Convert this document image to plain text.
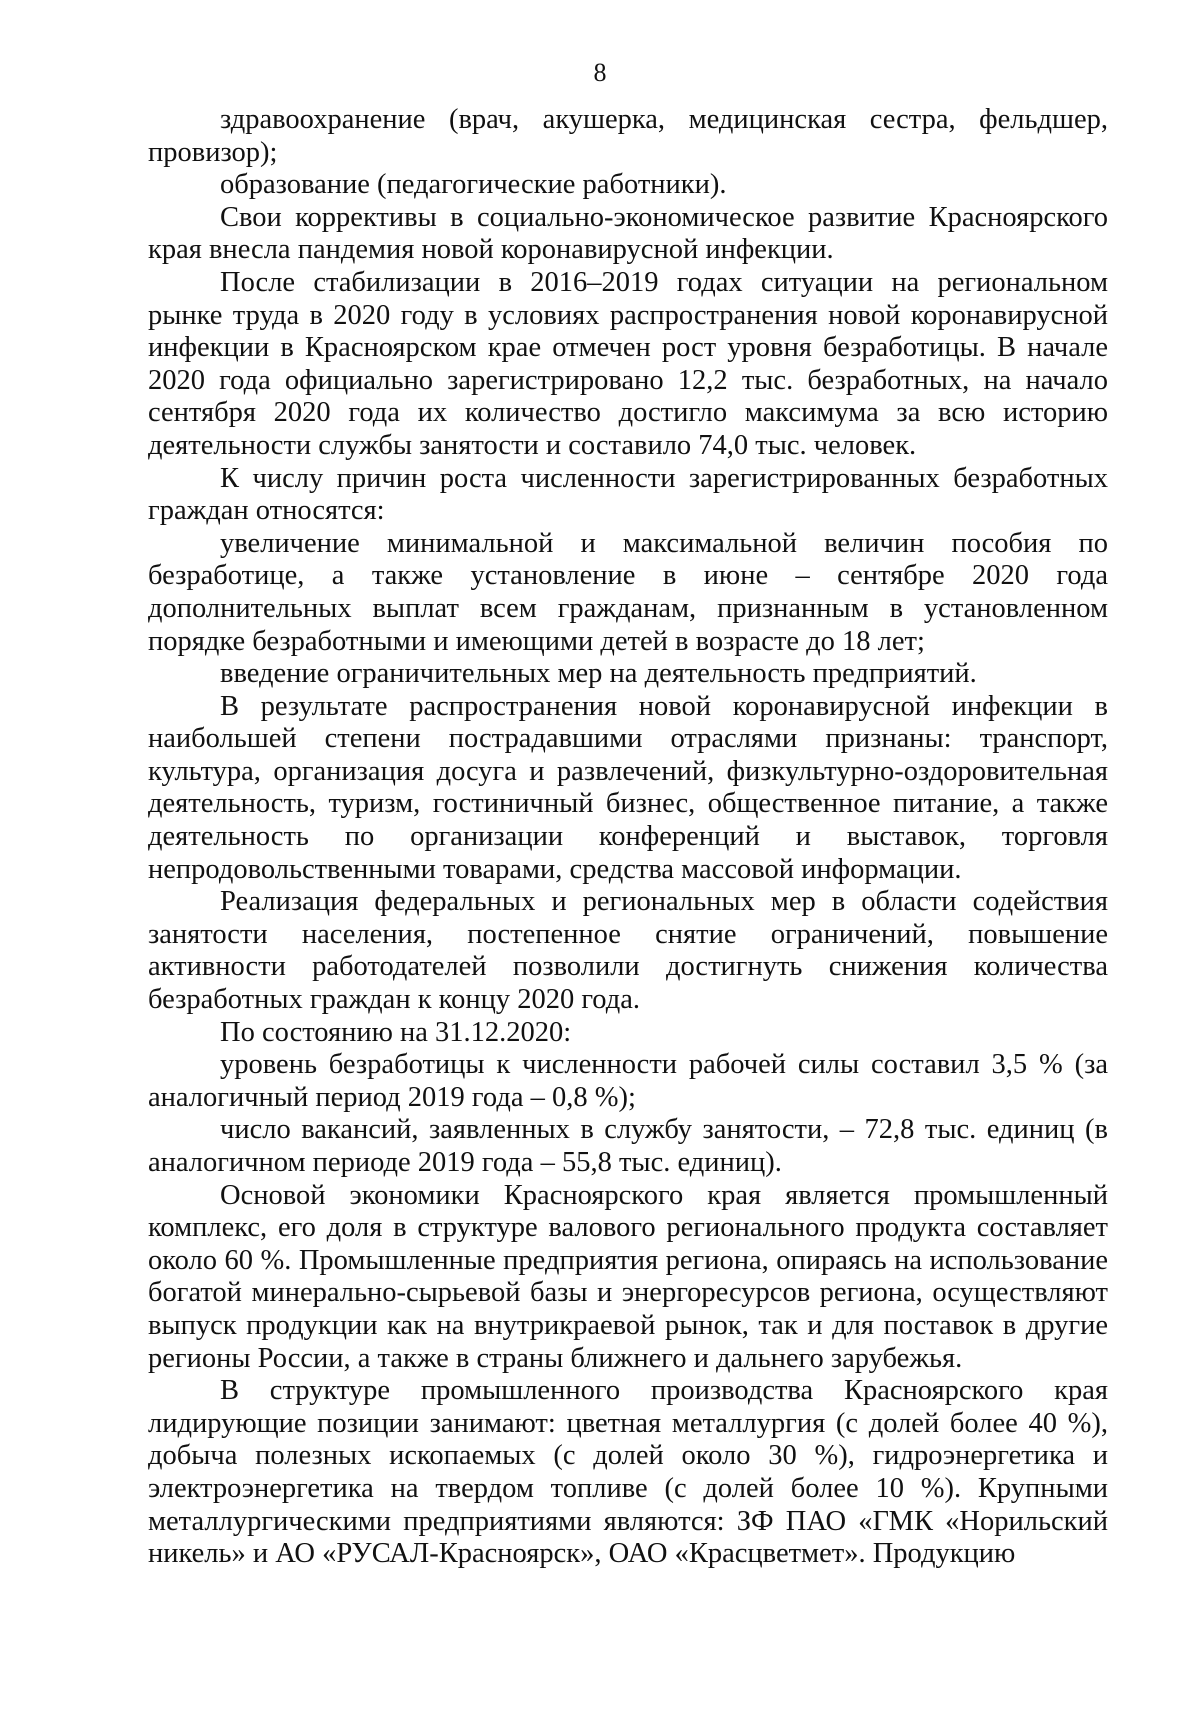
8

здравоохранение (врач, акушерка, медицинская сестра, фельдшер, провизор);

образование (педагогические работники).

Свои коррективы в социально-экономическое развитие Красноярского края внесла пандемия новой коронавирусной инфекции.

После стабилизации в 2016–2019 годах ситуации на региональном рынке труда в 2020 году в условиях распространения новой коронавирусной инфекции в Красноярском крае отмечен рост уровня безработицы. В начале 2020 года официально зарегистрировано 12,2 тыс. безработных, на начало сентября 2020 года их количество достигло максимума за всю историю деятельности службы занятости и составило 74,0 тыс. человек.

К числу причин роста численности зарегистрированных безработных граждан относятся:

увеличение минимальной и максимальной величин пособия по безработице, а также установление в июне – сентябре 2020 года дополнительных выплат всем гражданам, признанным в установленном порядке безработными и имеющими детей в возрасте до 18 лет;

введение ограничительных мер на деятельность предприятий.

В результате распространения новой коронавирусной инфекции в наибольшей степени пострадавшими отраслями признаны: транспорт, культура, организация досуга и развлечений, физкультурно-оздоровительная деятельность, туризм, гостиничный бизнес, общественное питание, а также деятельность по организации конференций и выставок, торговля непродовольственными товарами, средства массовой информации.

Реализация федеральных и региональных мер в области содействия занятости населения, постепенное снятие ограничений, повышение активности работодателей позволили достигнуть снижения количества безработных граждан к концу 2020 года.

По состоянию на 31.12.2020:

уровень безработицы к численности рабочей силы составил 3,5 % (за аналогичный период 2019 года – 0,8 %);

число вакансий, заявленных в службу занятости, – 72,8 тыс. единиц (в аналогичном периоде 2019 года – 55,8 тыс. единиц).

Основой экономики Красноярского края является промышленный комплекс, его доля в структуре валового регионального продукта составляет около 60 %. Промышленные предприятия региона, опираясь на использование богатой минерально-сырьевой базы и энергоресурсов региона, осуществляют выпуск продукции как на внутрикраевой рынок, так и для поставок в другие регионы России, а также в страны ближнего и дальнего зарубежья.

В структуре промышленного производства Красноярского края лидирующие позиции занимают: цветная металлургия (с долей более 40 %), добыча полезных ископаемых (с долей около 30 %), гидроэнергетика и электроэнергетика на твердом топливе (с долей более 10 %). Крупными металлургическими предприятиями являются: ЗФ ПАО «ГМК «Норильский никель» и АО «РУСАЛ-Красноярск», ОАО «Красцветмет». Продукцию
